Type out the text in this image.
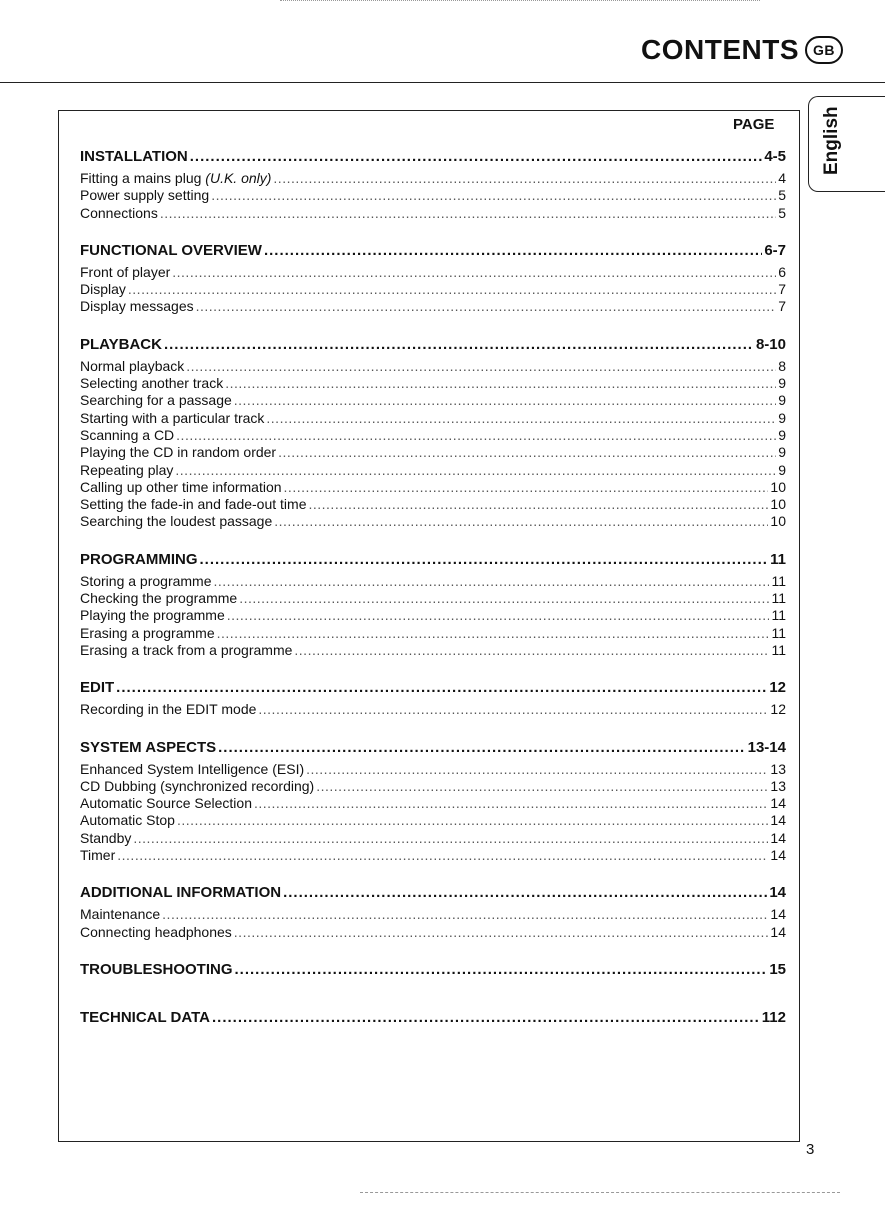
CONTENTS GB
English
PAGE
INSTALLATION .....	4-5
Fitting a mains plug (U.K. only) .....	4
Power supply setting .....	5
Connections .....	5
FUNCTIONAL OVERVIEW .....	6-7
Front of player .....	6
Display .....	7
Display messages .....	7
PLAYBACK .....	8-10
Normal playback .....	8
Selecting another track .....	9
Searching for a passage .....	9
Starting with a particular track .....	9
Scanning a CD .....	9
Playing the CD in random order .....	9
Repeating play .....	9
Calling up other time information .....	10
Setting the fade-in and fade-out time .....	10
Searching the loudest passage .....	10
PROGRAMMING .....	11
Storing a programme .....	11
Checking the programme .....	11
Playing the programme .....	11
Erasing a programme .....	11
Erasing a track from a programme .....	11
EDIT .....	12
Recording in the EDIT mode .....	12
SYSTEM ASPECTS .....	13-14
Enhanced System Intelligence (ESI) .....	13
CD Dubbing (synchronized recording) .....	13
Automatic Source Selection .....	14
Automatic Stop .....	14
Standby .....	14
Timer .....	14
ADDITIONAL INFORMATION .....	14
Maintenance .....	14
Connecting headphones .....	14
TROUBLESHOOTING .....	15
TECHNICAL DATA .....	112
3
